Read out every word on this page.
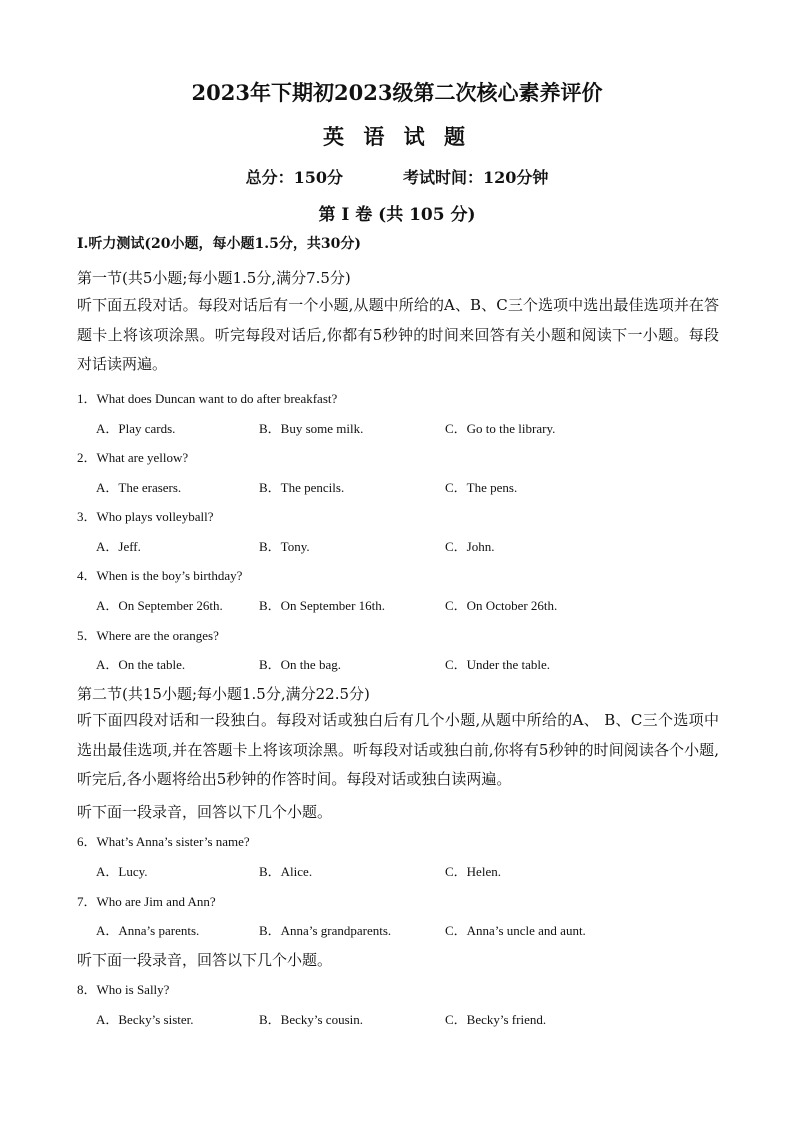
2023年下期初2023级第二次核心素养评价
英 语 试 题
总分：150分	考试时间：120分钟
第 I 卷 (共 105 分)
I.听力测试(20小题，每小题1.5分，共30分)
第一节(共5小题;每小题1.5分,满分7.5分)
听下面五段对话。每段对话后有一个小题,从题中所给的A、B、C三个选项中选出最佳选项并在答题卡上将该项涂黑。听完每段对话后,你都有5秒钟的时间来回答有关小题和阅读下一小题。每段对话读两遍。
1．What does Duncan want to do after breakfast?
A．Play cards.	B．Buy some milk.	C．Go to the library.
2．What are yellow?
A．The erasers.	B．The pencils.	C．The pens.
3．Who plays volleyball?
A．Jeff.	B．Tony.	C．John.
4．When is the boy’s birthday?
A．On September 26th.	B．On September 16th.	C．On October 26th.
5．Where are the oranges?
A．On the table.	B．On the bag.	C．Under the table.
第二节(共15小题;每小题1.5分,满分22.5分)
听下面四段对话和一段独白。每段对话或独白后有几个小题,从题中所给的A、 B、C三个选项中选出最佳选项,并在答题卡上将该项涂黑。听每段对话或独白前,你将有5秒钟的时间阅读各个小题,听完后,各小题将给出5秒钟的作答时间。每段对话或独白读两遍。
听下面一段录音，回答以下几个小题。
6．What’s Anna’s sister’s name?
A．Lucy.	B．Alice.	C．Helen.
7．Who are Jim and Ann?
A．Anna’s parents.	B．Anna’s grandparents.	C．Anna’s uncle and aunt.
听下面一段录音，回答以下几个小题。
8．Who is Sally?
A．Becky’s sister.	B．Becky’s cousin.	C．Becky’s friend.
